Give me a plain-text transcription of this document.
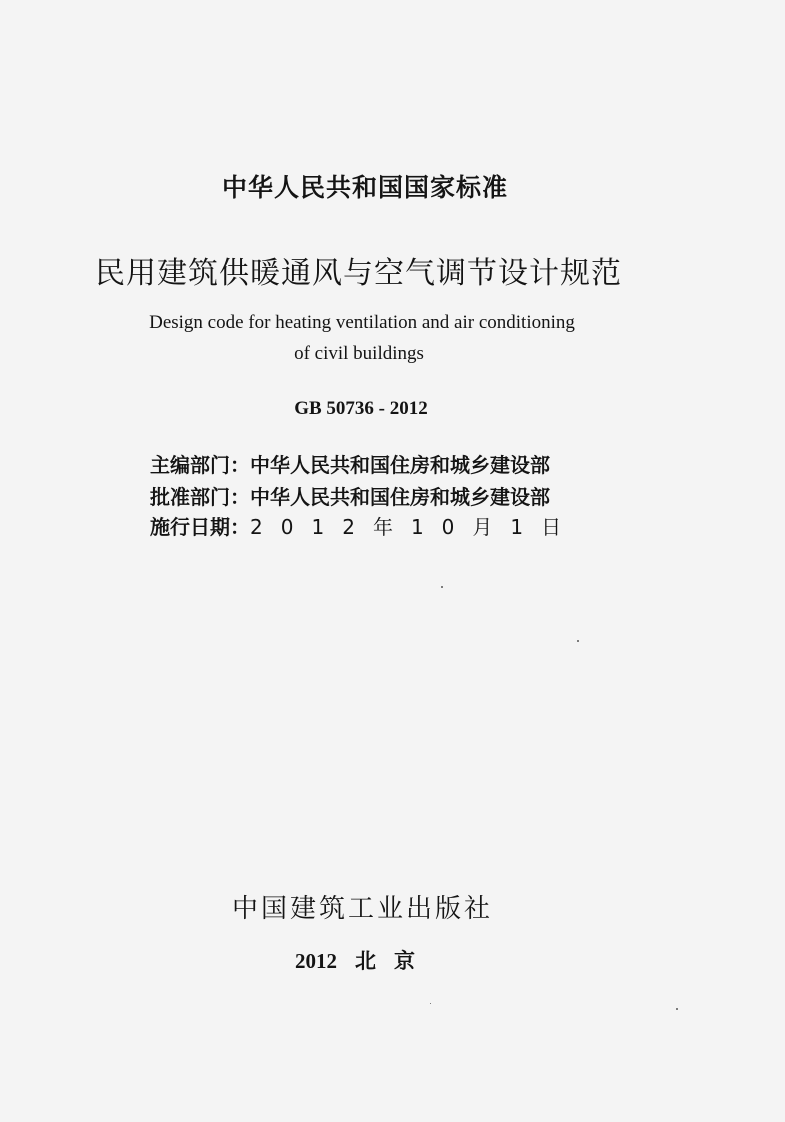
中华人民共和国国家标准
民用建筑供暖通风与空气调节设计规范
Design code for heating ventilation and air conditioning
of civil buildings
GB 50736 - 2012
主编部门： 中华人民共和国住房和城乡建设部
批准部门： 中华人民共和国住房和城乡建设部
施行日期： 2 0 1 2 年 1 0 月 1 日
中国建筑工业出版社
2012 北京
